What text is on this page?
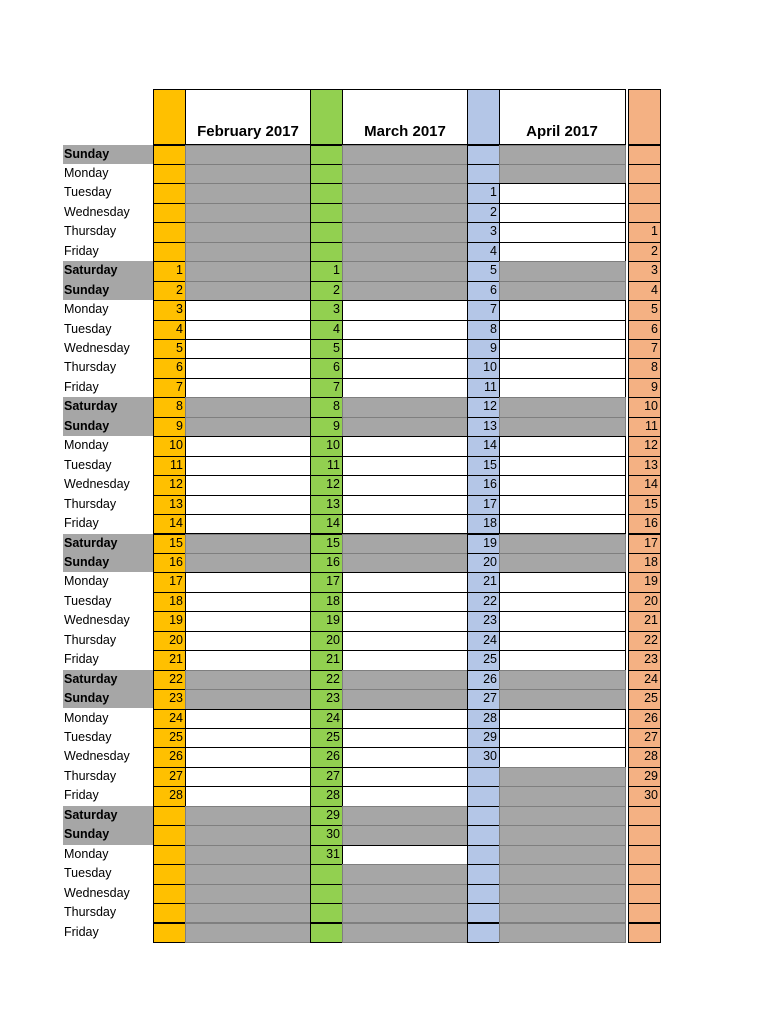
Sunday
Monday
Tuesday
Wednesday
Thursday
Friday
Saturday
Sunday
Monday
Tuesday
Wednesday
Thursday
Friday
Saturday
Sunday
Monday
Tuesday
Wednesday
Thursday
Friday
Saturday
Sunday
Monday
Tuesday
Wednesday
Thursday
Friday
Saturday
Sunday
Monday
Tuesday
Wednesday
Thursday
Friday
Saturday
Sunday
Monday
Tuesday
Wednesday
Thursday
Friday
February 2017
1
2
3
4
5
6
7
8
9
10
11
12
13
14
15
16
17
18
19
20
21
22
23
24
25
26
27
28
March 2017
1
2
3
4
5
6
7
8
9
10
11
12
13
14
15
16
17
18
19
20
21
22
23
24
25
26
27
28
29
30
31
April 2017
1
2
3
4
5
6
7
8
9
10
11
12
13
14
15
16
17
18
19
20
21
22
23
24
25
26
27
28
29
30
1
2
3
4
5
6
7
8
9
10
11
12
13
14
15
16
17
18
19
20
21
22
23
24
25
26
27
28
29
30
